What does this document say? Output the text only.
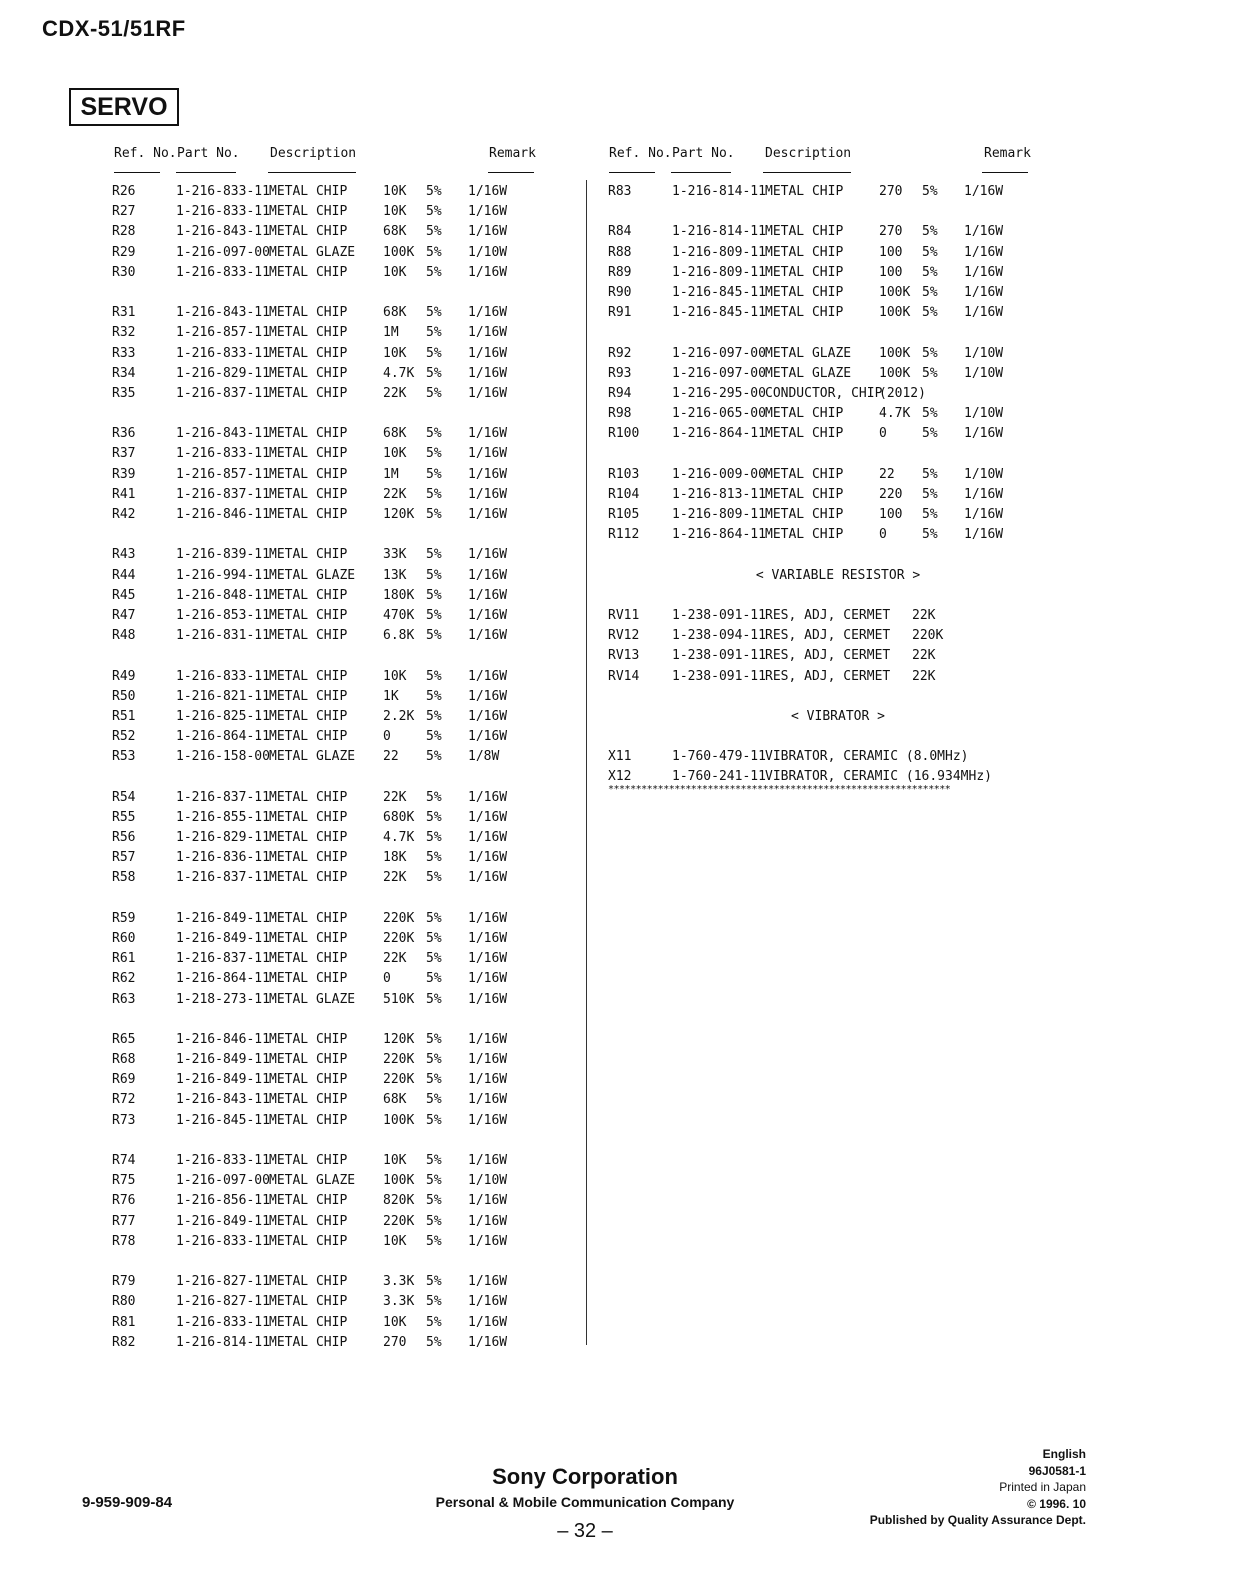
CDX-51/51RF
SERVO
Ref. No. Part No. Description	Remark	Ref. No. Part No. Description	Remark
R26	1-216-833-11 METAL CHIP	10K 5% 1/16W
R27	1-216-833-11 METAL CHIP	10K 5% 1/16W
R28	1-216-843-11 METAL CHIP	68K 5% 1/16W
R29	1-216-097-00 METAL GLAZE 100K 5% 1/10W
R30	1-216-833-11 METAL CHIP	10K 5% 1/16W
R31	1-216-843-11 METAL CHIP	68K 5% 1/16W
R32	1-216-857-11 METAL CHIP	1M 5% 1/16W
R33	1-216-833-11 METAL CHIP	10K 5% 1/16W
R34	1-216-829-11 METAL CHIP	4.7K 5% 1/16W
R35	1-216-837-11 METAL CHIP	22K 5% 1/16W
R36	1-216-843-11 METAL CHIP	68K 5% 1/16W
R37	1-216-833-11 METAL CHIP	10K 5% 1/16W
R39	1-216-857-11 METAL CHIP	1M 5% 1/16W
R41	1-216-837-11 METAL CHIP	22K 5% 1/16W
R42	1-216-846-11 METAL CHIP	120K 5% 1/16W
R43	1-216-839-11 METAL CHIP	33K 5% 1/16W
R44	1-216-994-11 METAL GLAZE 13K 5% 1/16W
R45	1-216-848-11 METAL CHIP	180K 5% 1/16W
R47	1-216-853-11 METAL CHIP	470K 5% 1/16W
R48	1-216-831-11 METAL CHIP	6.8K 5% 1/16W
R49	1-216-833-11 METAL CHIP	10K 5% 1/16W
R50	1-216-821-11 METAL CHIP	1K 5% 1/16W
R51	1-216-825-11 METAL CHIP	2.2K 5% 1/16W
R52	1-216-864-11 METAL CHIP	0	5% 1/16W
R53	1-216-158-00 METAL GLAZE 22 5% 1/8W
R54	1-216-837-11 METAL CHIP	22K 5% 1/16W
R55	1-216-855-11 METAL CHIP	680K 5% 1/16W
R56	1-216-829-11 METAL CHIP	4.7K 5% 1/16W
R57	1-216-836-11 METAL CHIP	18K 5% 1/16W
R58	1-216-837-11 METAL CHIP	22K 5% 1/16W
R59	1-216-849-11 METAL CHIP	220K 5% 1/16W
R60	1-216-849-11 METAL CHIP	220K 5% 1/16W
R61	1-216-837-11 METAL CHIP	22K 5% 1/16W
R62	1-216-864-11 METAL CHIP	0	5% 1/16W
R63	1-218-273-11 METAL GLAZE 510K 5% 1/16W
R65	1-216-846-11 METAL CHIP	120K 5% 1/16W
R68	1-216-849-11 METAL CHIP	220K 5% 1/16W
R69	1-216-849-11 METAL CHIP	220K 5% 1/16W
R72	1-216-843-11 METAL CHIP	68K 5% 1/16W
R73	1-216-845-11 METAL CHIP	100K 5% 1/16W
R74	1-216-833-11 METAL CHIP	10K 5% 1/16W
R75	1-216-097-00 METAL GLAZE 100K 5% 1/10W
R76	1-216-856-11 METAL CHIP	820K 5% 1/16W
R77	1-216-849-11 METAL CHIP	220K 5% 1/16W
R78	1-216-833-11 METAL CHIP	10K 5% 1/16W
R79	1-216-827-11 METAL CHIP	3.3K 5% 1/16W
R80	1-216-827-11 METAL CHIP	3.3K 5% 1/16W
R81	1-216-833-11 METAL CHIP	10K 5% 1/16W
R82	1-216-814-11 METAL CHIP	270 5% 1/16W
R83	1-216-814-11 METAL CHIP	270 5% 1/16W
R84	1-216-814-11 METAL CHIP	270 5% 1/16W
R88	1-216-809-11 METAL CHIP	100 5% 1/16W
R89	1-216-809-11 METAL CHIP	100 5% 1/16W
R90	1-216-845-11 METAL CHIP	100K 5% 1/16W
R91	1-216-845-11 METAL CHIP	100K 5% 1/16W
R92	1-216-097-00 METAL GLAZE 100K 5% 1/10W
R93	1-216-097-00 METAL GLAZE 100K 5% 1/10W
R94	1-216-295-00 CONDUCTOR, CHIP
(2012)
R98	1-216-065-00 METAL CHIP	4.7K 5% 1/10W
R100	1-216-864-11 METAL CHIP	0	5% 1/16W
R103	1-216-009-00 METAL CHIP	22 5% 1/10W
R104	1-216-813-11 METAL CHIP	220 5% 1/16W
R105	1-216-809-11 METAL CHIP	100 5% 1/16W
R112	1-216-864-11 METAL CHIP	0	5% 1/16W
< VARIABLE RESISTOR >
RV11	1-238-091-11 RES, ADJ, CERMET 22K
RV12	1-238-094-11 RES, ADJ, CERMET 220K
RV13	1-238-091-11 RES, ADJ, CERMET 22K
RV14	1-238-091-11 RES, ADJ, CERMET 22K
< VIBRATOR >
X11	1-760-479-11 VIBRATOR, CERAMIC (8.0MHz)
X12	1-760-241-11 VIBRATOR, CERAMIC (16.934MHz)
**************************************************************
9-959-909-84
Sony Corporation
Personal & Mobile Communication Company
– 32 –
English
96J0581-1
Printed in Japan
© 1996. 10
Published by Quality Assurance Dept.
